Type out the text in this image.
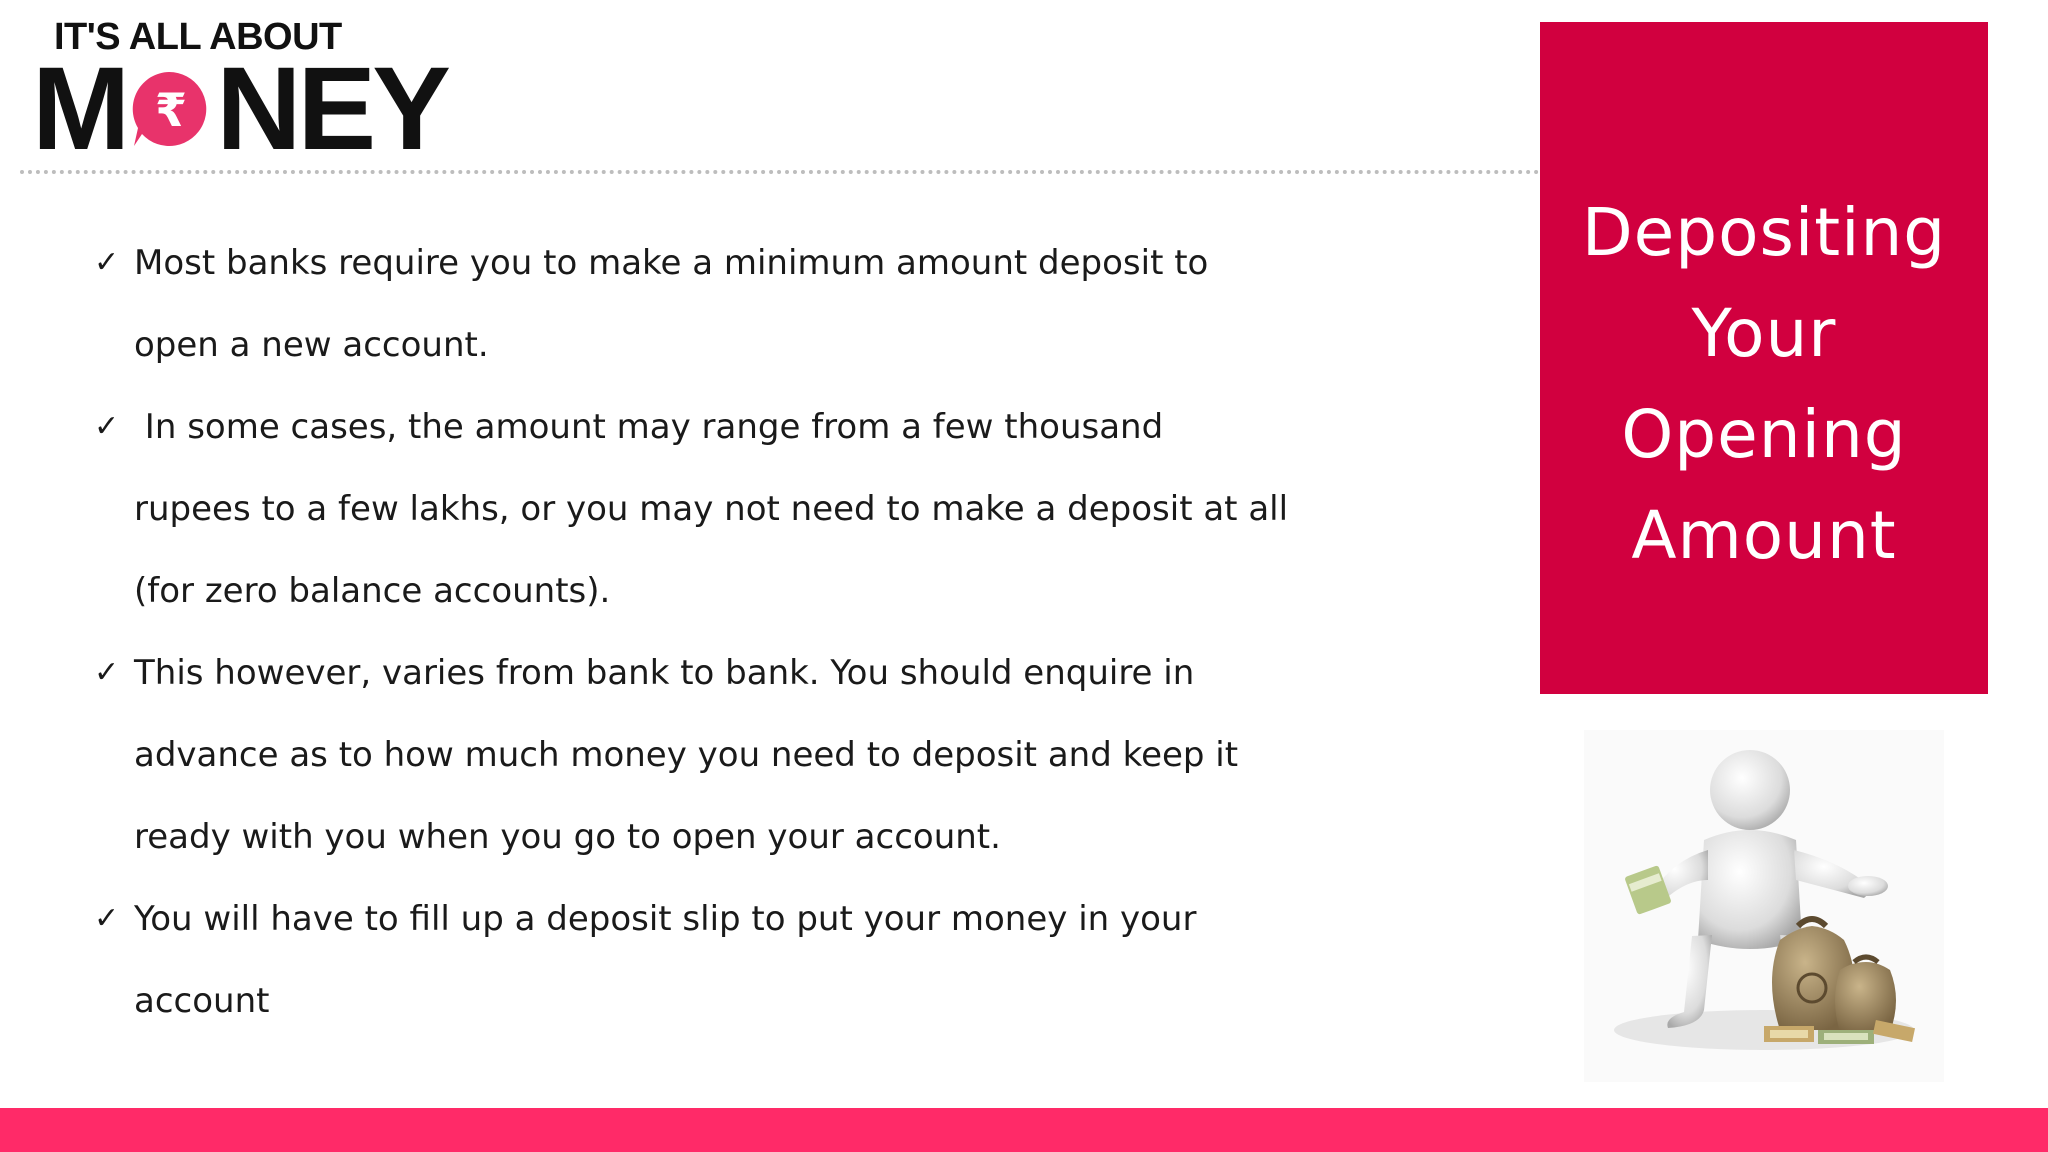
IT'S ALL ABOUT
M ₹ NEY
✓ Most banks require you to make a minimum amount deposit to
open a new account.
✓ In some cases, the amount may range from a few thousand
rupees to a few lakhs, or you may not need to make a deposit at all
(for zero balance accounts).
✓ This however, varies from bank to bank. You should enquire in
advance as to how much money you need to deposit and keep it
ready with you when you go to open your account.
✓ You will have to fill up a deposit slip to put your money in your
account
Depositing
Your
Opening
Amount
